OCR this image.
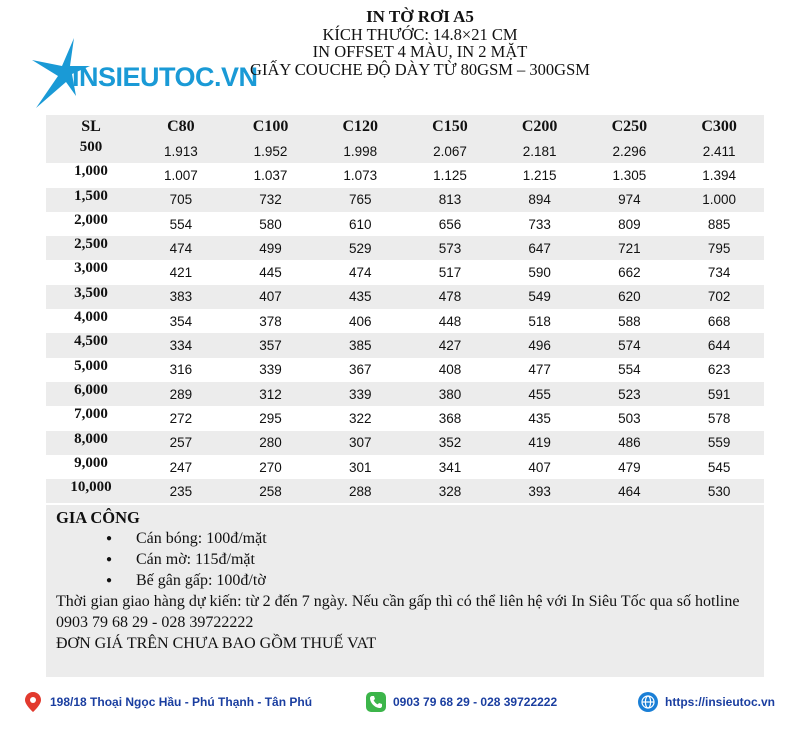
INSIEUTOC.VN
IN TỜ RƠI A5
KÍCH THƯỚC: 14.8×21 CM
IN OFFSET 4 MÀU, IN 2 MẶT
GIẤY COUCHE ĐỘ DÀY TỪ 80GSM – 300GSM
SL	C80	C100	C120	C150	C200	C250	C300
500	1.913	1.952	1.998	2.067	2.181	2.296	2.411
1,000	1.007	1.037	1.073	1.125	1.215	1.305	1.394
1,500	705	732	765	813	894	974	1.000
2,000	554	580	610	656	733	809	885
2,500	474	499	529	573	647	721	795
3,000	421	445	474	517	590	662	734
3,500	383	407	435	478	549	620	702
4,000	354	378	406	448	518	588	668
4,500	334	357	385	427	496	574	644
5,000	316	339	367	408	477	554	623
6,000	289	312	339	380	455	523	591
7,000	272	295	322	368	435	503	578
8,000	257	280	307	352	419	486	559
9,000	247	270	301	341	407	479	545
10,000	235	258	288	328	393	464	530
GIA CÔNG
● Cán bóng: 100đ/mặt
● Cán mờ: 115đ/mặt
● Bế gân gấp: 100đ/tờ
Thời gian giao hàng dự kiến: từ 2 đến 7 ngày. Nếu cần gấp thì có thể liên hệ với In Siêu Tốc qua số hotline 0903 79 68 29 - 028 39722222
ĐƠN GIÁ TRÊN CHƯA BAO GỒM THUẾ VAT
198/18 Thoại Ngọc Hầu - Phú Thạnh - Tân Phú	0903 79 68 29 - 028 39722222	https://insieutoc.vn
